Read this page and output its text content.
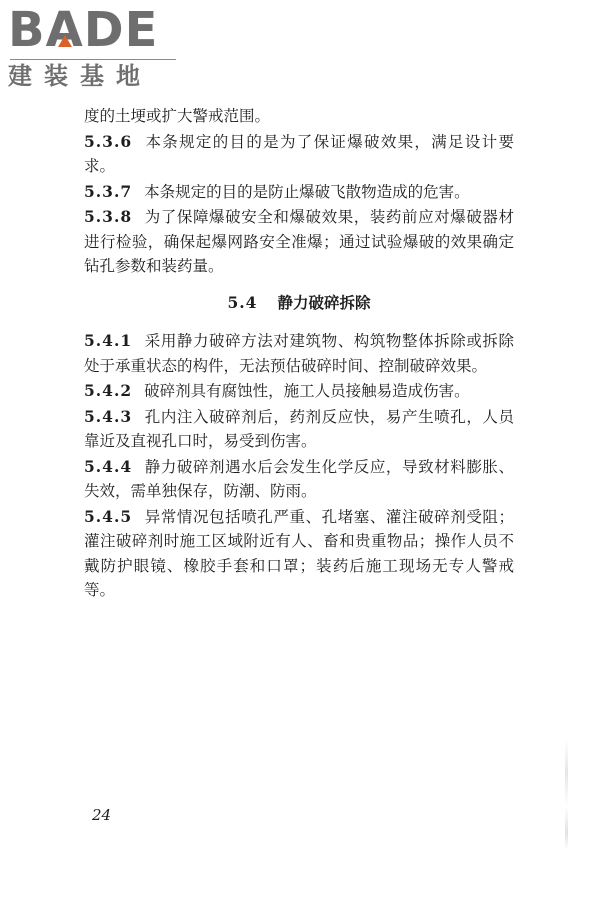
BA
DE
建装基地

度的土埂或扩大警戒范围。

5.3.6 本条规定的目的是为了保证爆破效果，满足设计要求。

5.3.7 本条规定的目的是防止爆破飞散物造成的危害。

5.3.8 为了保障爆破安全和爆破效果，装药前应对爆破器材进行检验，确保起爆网路安全准爆；通过试验爆破的效果确定钻孔参数和装药量。

5.4 静力破碎拆除

5.4.1 采用静力破碎方法对建筑物、构筑物整体拆除或拆除处于承重状态的构件，无法预估破碎时间、控制破碎效果。

5.4.2 破碎剂具有腐蚀性，施工人员接触易造成伤害。

5.4.3 孔内注入破碎剂后，药剂反应快，易产生喷孔，人员靠近及直视孔口时，易受到伤害。

5.4.4 静力破碎剂遇水后会发生化学反应，导致材料膨胀、失效，需单独保存，防潮、防雨。

5.4.5 异常情况包括喷孔严重、孔堵塞、灌注破碎剂受阻；灌注破碎剂时施工区域附近有人、畜和贵重物品；操作人员不戴防护眼镜、橡胶手套和口罩；装药后施工现场无专人警戒等。

24
